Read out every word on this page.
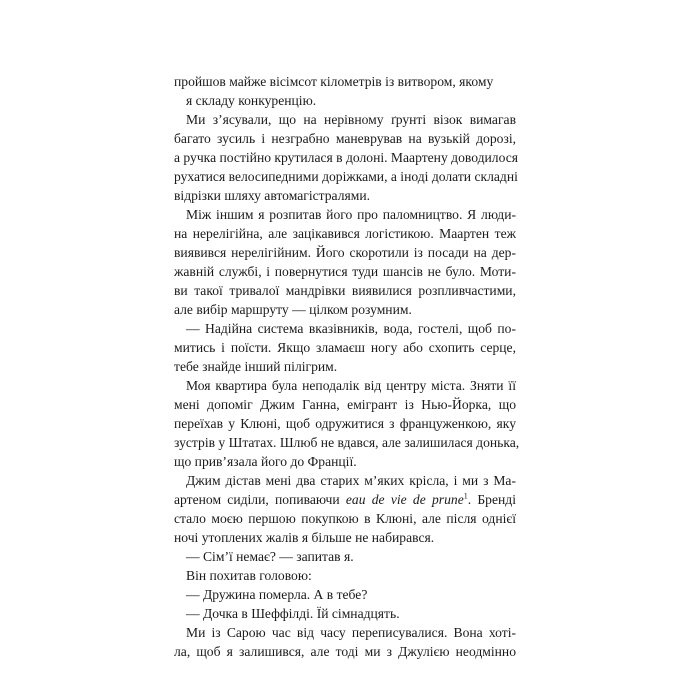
пройшов майже вісімсот кілометрів із витвором, якому
я складу конкуренцію.
Ми з’ясували, що на нерівному ґрунті візок вимагав
багато зусиль і незграбно маневрував на вузькій дорозі,
а ручка постійно крутилася в долоні. Маартену доводилося
рухатися велосипедними доріжками, а іноді долати складні
відрізки шляху автомагістралями.
Між іншим я розпитав його про паломництво. Я люди-
на нерелігійна, але зацікавився логістикою. Маартен теж
виявився нерелігійним. Його скоротили із посади на дер-
жавній службі, і повернутися туди шансів не було. Моти-
ви такої тривалої мандрівки виявилися розпливчастими,
але вибір маршруту — цілком розумним.
— Надійна система вказівників, вода, гостелі, щоб по-
митись і поїсти. Якщо зламаєш ногу або схопить серце,
тебе знайде інший пілігрим.
Моя квартира була неподалік від центру міста. Зняти її
мені допоміг Джим Ганна, емігрант із Нью-Йорка, що
переїхав у Клюні, щоб одружитися з француженкою, яку
зустрів у Штатах. Шлюб не вдався, але залишилася донька,
що прив’язала його до Франції.
Джим дістав мені два старих м’яких крісла, і ми з Ма-
артеном сиділи, попиваючи eau de vie de prune$^1$. Бренді
стало моєю першою покупкою в Клюні, але після однієї
ночі утоплених жалів я більше не набирався.
— Сім’ї немає? — запитав я.
Він похитав головою:
— Дружина померла. А в тебе?
— Дочка в Шеффілді. Їй сімнадцять.
Ми із Сарою час від часу переписувалися. Вона хоті-
ла, щоб я залишився, але тоді ми з Джулією неодмінно
